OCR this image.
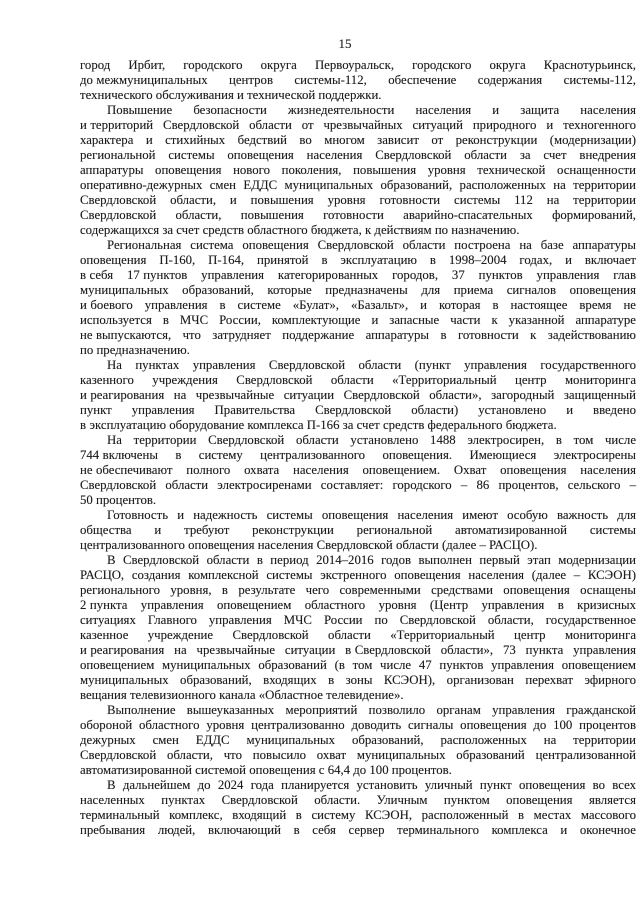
15

город Ирбит, городского округа Первоуральск, городского округа Краснотурьинск,
до межмуниципальных центров системы-112, обеспечение содержания системы-112,
технического обслуживания и технической поддержки.

Повышение безопасности жизнедеятельности населения и защита населения
и территорий Свердловской области от чрезвычайных ситуаций природного и техногенного
характера и стихийных бедствий во многом зависит от реконструкции (модернизации)
региональной системы оповещения населения Свердловской области за счет внедрения
аппаратуры оповещения нового поколения, повышения уровня технической оснащенности
оперативно-дежурных смен ЕДДС муниципальных образований, расположенных на территории
Свердловской области, и повышения уровня готовности системы 112 на территории
Свердловской области, повышения готовности аварийно-спасательных формирований,
содержащихся за счет средств областного бюджета, к действиям по назначению.

Региональная система оповещения Свердловской области построена на базе аппаратуры
оповещения П-160, П-164, принятой в эксплуатацию в 1998–2004 годах, и включает
в себя 17 пунктов управления категорированных городов, 37 пунктов управления глав
муниципальных образований, которые предназначены для приема сигналов оповещения
и боевого управления в системе «Булат», «Базальт», и которая в настоящее время не
используется в МЧС России, комплектующие и запасные части к указанной аппаратуре
не выпускаются, что затрудняет поддержание аппаратуры в готовности к задействованию
по предназначению.

На пунктах управления Свердловской области (пункт управления государственного
казенного учреждения Свердловской области «Территориальный центр мониторинга
и реагирования на чрезвычайные ситуации Свердловской области», загородный защищенный
пункт управления Правительства Свердловской области) установлено и введено
в эксплуатацию оборудование комплекса П-166 за счет средств федерального бюджета.

На территории Свердловской области установлено 1488 электросирен, в том числе
744 включены в систему централизованного оповещения. Имеющиеся электросирены
не обеспечивают полного охвата населения оповещением. Охват оповещения населения
Свердловской области электросиренами составляет: городского – 86 процентов, сельского –
50 процентов.

Готовность и надежность системы оповещения населения имеют особую важность для
общества и требуют реконструкции региональной автоматизированной системы
централизованного оповещения населения Свердловской области (далее – РАСЦО).

В Свердловской области в период 2014–2016 годов выполнен первый этап модернизации
РАСЦО, создания комплексной системы экстренного оповещения населения (далее – КСЭОН)
регионального уровня, в результате чего современными средствами оповещения оснащены
2 пункта управления оповещением областного уровня (Центр управления в кризисных
ситуациях Главного управления МЧС России по Свердловской области, государственное
казенное учреждение Свердловской области «Территориальный центр мониторинга
и реагирования на чрезвычайные ситуации в Свердловской области», 73 пункта управления
оповещением муниципальных образований (в том числе 47 пунктов управления оповещением
муниципальных образований, входящих в зоны КСЭОН), организован перехват эфирного
вещания телевизионного канала «Областное телевидение».

Выполнение вышеуказанных мероприятий позволило органам управления гражданской
обороной областного уровня централизованно доводить сигналы оповещения до 100 процентов
дежурных смен ЕДДС муниципальных образований, расположенных на территории
Свердловской области, что повысило охват муниципальных образований централизованной
автоматизированной системой оповещения с 64,4 до 100 процентов.

В дальнейшем до 2024 года планируется установить уличный пункт оповещения во всех
населенных пунктах Свердловской области. Уличным пунктом оповещения является
терминальный комплекс, входящий в систему КСЭОН, расположенный в местах массового
пребывания людей, включающий в себя сервер терминального комплекса и оконечное
